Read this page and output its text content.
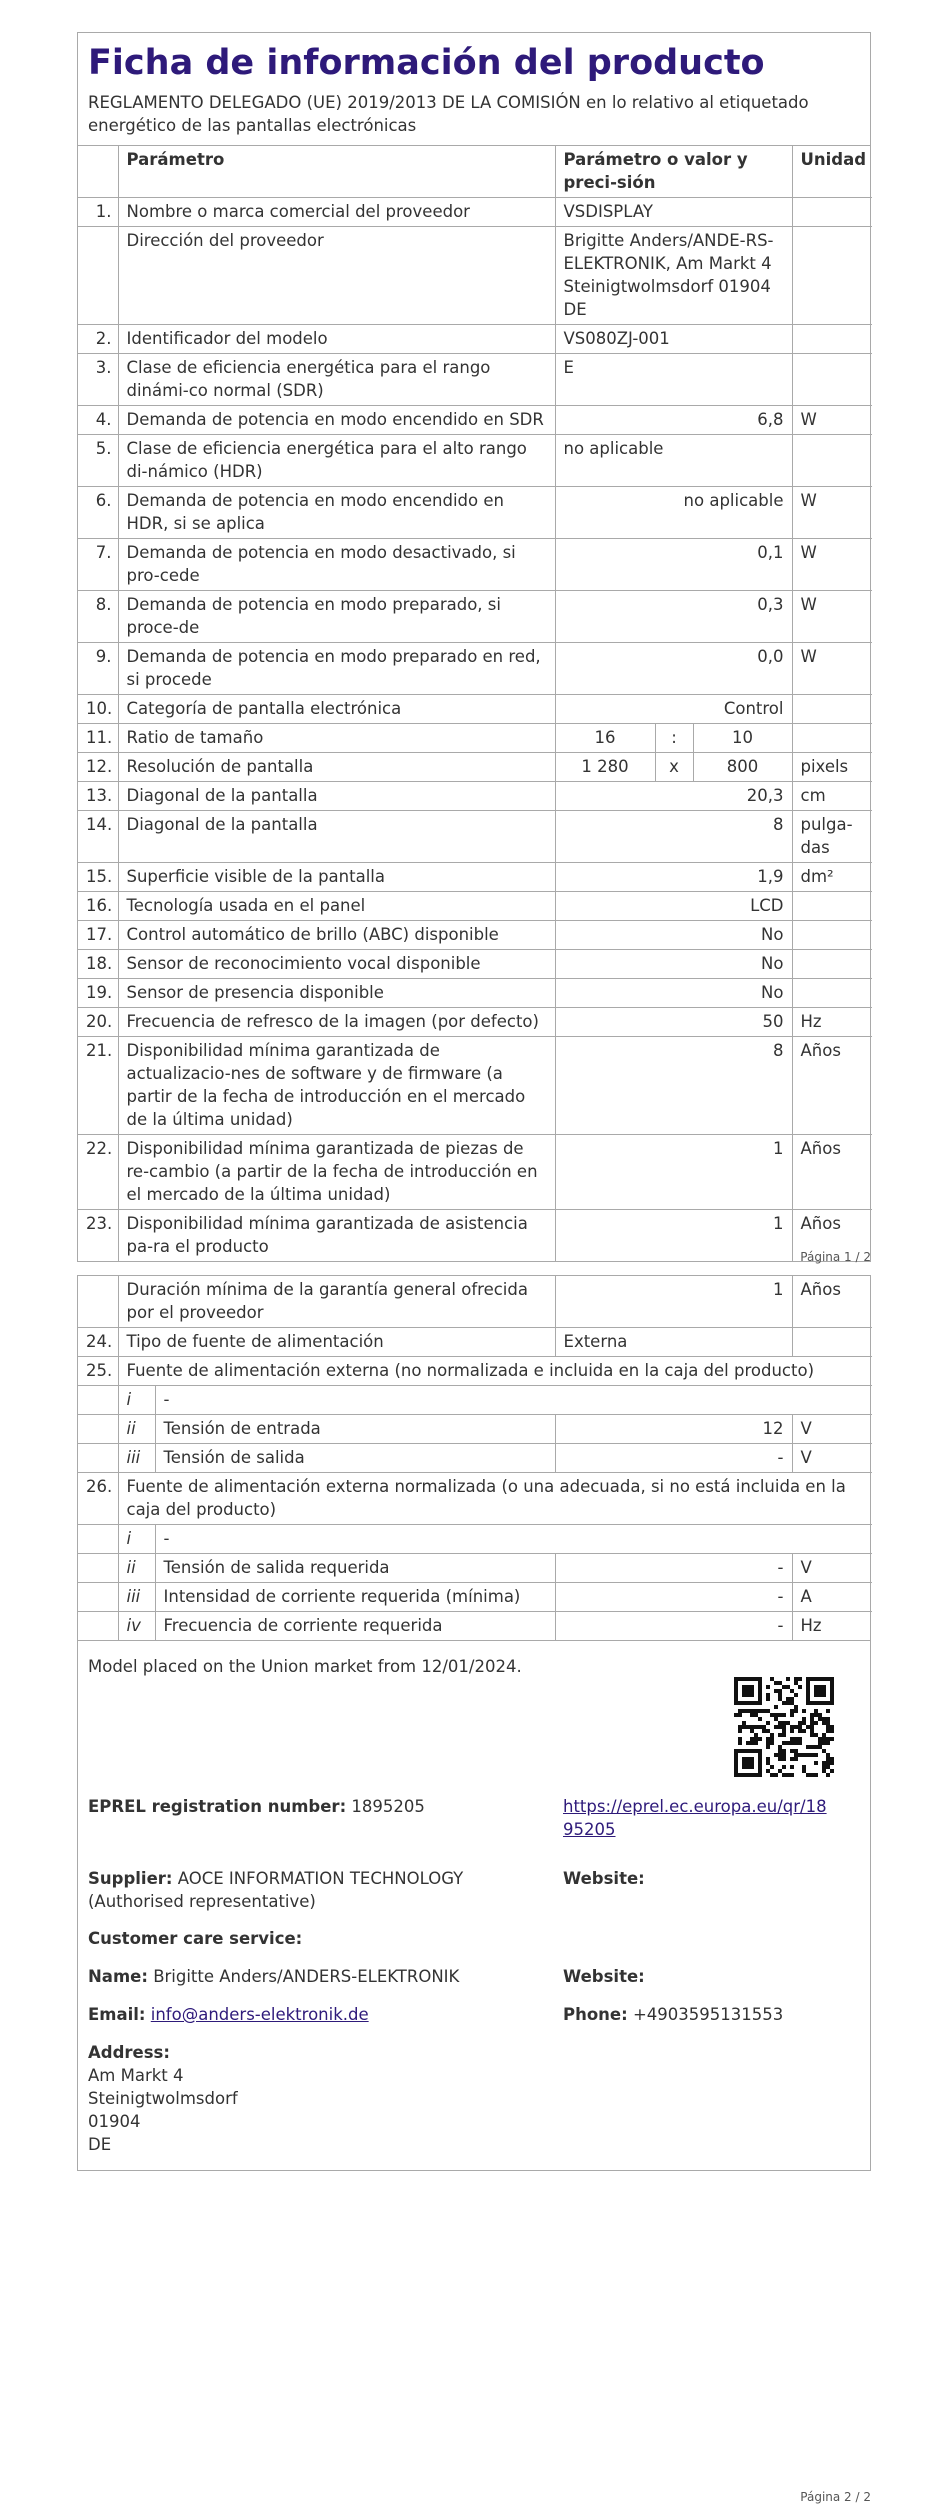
Ficha de información del producto
REGLAMENTO DELEGADO (UE) 2019/2013 DE LA COMISIÓN en lo relativo al etiquetado energético de las pantallas electrónicas
	Parámetro	Parámetro o valor y preci-sión			Unidad
1.	Nombre o marca comercial del proveedor	VSDISPLAY			
	Dirección del proveedor	Brigitte Anders/ANDE-RS-ELEKTRONIK, Am Markt 4 Steinigtwolmsdorf 01904 DE			
2.	Identificador del modelo	VS080ZJ-001			
3.	Clase de eficiencia energética para el rango dinámi-co normal (SDR)	E			
4.	Demanda de potencia en modo encendido en SDR	6,8			W
5.	Clase de eficiencia energética para el alto rango di-námico (HDR)	no aplicable			
6.	Demanda de potencia en modo encendido en HDR, si se aplica	no aplicable			W
7.	Demanda de potencia en modo desactivado, si pro-cede	0,1			W
8.	Demanda de potencia en modo preparado, si proce-de	0,3			W
9.	Demanda de potencia en modo preparado en red, si procede	0,0			W
10.	Categoría de pantalla electrónica	Control			
11.	Ratio de tamaño	16	:	10	
12.	Resolución de pantalla	1 280	x	800	pixels
13.	Diagonal de la pantalla	20,3			cm
14.	Diagonal de la pantalla	8			pulga-das
15.	Superficie visible de la pantalla	1,9			dm²
16.	Tecnología usada en el panel	LCD			
17.	Control automático de brillo (ABC) disponible	No			
18.	Sensor de reconocimiento vocal disponible	No			
19.	Sensor de presencia disponible	No			
20.	Frecuencia de refresco de la imagen (por defecto)	50			Hz
21.	Disponibilidad mínima garantizada de actualizacio-nes de software y de firmware (a partir de la fecha de introducción en el mercado de la última unidad)	8			Años
22.	Disponibilidad mínima garantizada de piezas de re-cambio (a partir de la fecha de introducción en el mercado de la última unidad)	1			Años
23.	Disponibilidad mínima garantizada de asistencia pa-ra el producto	1			Años
Página 1 / 2
	Duración mínima de la garantía general ofrecida por el proveedor		1	Años
24.	Tipo de fuente de alimentación		Externa	
25.	Fuente de alimentación externa (no normalizada e incluida en la caja del producto)			
	i	-		
	ii	Tensión de entrada	12	V
	iii	Tensión de salida	-	V
26.	Fuente de alimentación externa normalizada (o una adecuada, si no está incluida en la caja del producto)			
	i	-		
	ii	Tensión de salida requerida	-	V
	iii	Intensidad de corriente requerida (mínima)	-	A
	iv	Frecuencia de corriente requerida	-	Hz
Model placed on the Union market from 12/01/2024.
EPREL registration number: 1895205	https://eprel.ec.europa.eu/qr/18
95205
Supplier: AOCE INFORMATION TECHNOLOGY (Authorised representative)
Website:
Customer care service:
Name: Brigitte Anders/ANDERS-ELEKTRONIK	Website:
Email: info@anders-elektronik.de	Phone: +4903595131553
Address:
Am Markt 4
Steinigtwolmsdorf
01904
DE
Página 2 / 2
